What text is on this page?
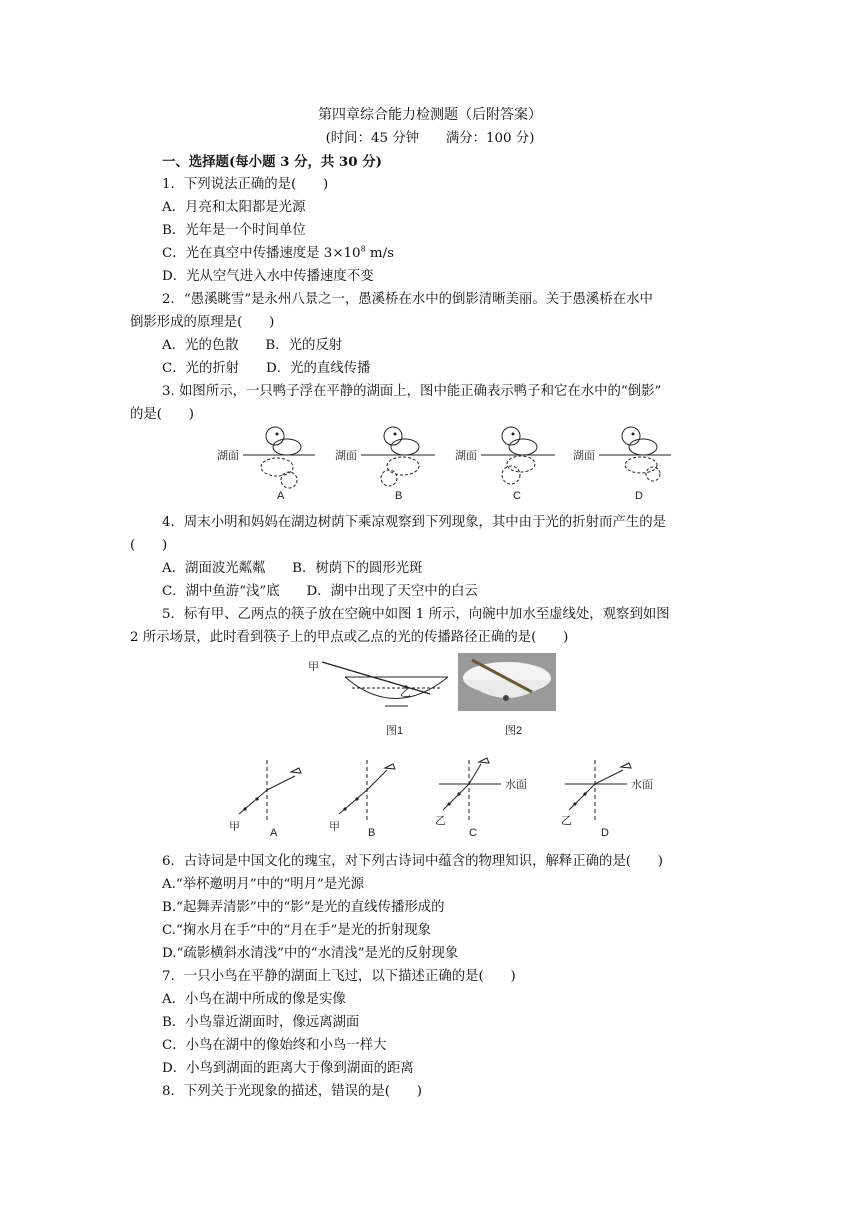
第四章综合能力检测题（后附答案）
(时间：45 分钟　　满分：100 分)
一、选择题(每小题 3 分，共 30 分)
1．下列说法正确的是(　　)
A．月亮和太阳都是光源
B．光年是一个时间单位
C．光在真空中传播速度是 $3\times 10^8$ m/s
D．光从空气进入水中传播速度不变
2．“愚溪眺雪”是永州八景之一，愚溪桥在水中的倒影清晰美丽。关于愚溪桥在水中
倒影形成的原理是(　　)
A．光的色散　　B．光的反射
C．光的折射　　D．光的直线传播
3. 如图所示，一只鸭子浮在平静的湖面上，图中能正确表示鸭子和它在水中的“倒影”
的是(　　)
湖面
A
湖面
B
湖面
C
湖面
D
4．周末小明和妈妈在湖边树荫下乘凉观察到下列现象，其中由于光的折射而产生的是
(　　)
A．湖面波光粼粼　　B．树荫下的圆形光斑
C．湖中鱼游“浅”底　　D．湖中出现了天空中的白云
5．标有甲、乙两点的筷子放在空碗中如图 1 所示，向碗中加水至虚线处，观察到如图
2 所示场景，此时看到筷子上的甲点或乙点的光的传播路径正确的是(　　)
甲
乙
图1	图2
甲	A	甲	B
水面
乙
C
水面
乙
D
6．古诗词是中国文化的瑰宝，对下列古诗词中蕴含的物理知识，解释正确的是(　　)
A.“举杯邀明月”中的“明月”是光源
B.“起舞弄清影”中的“影”是光的直线传播形成的
C.“掬水月在手”中的“月在手”是光的折射现象
D.“疏影横斜水清浅”中的“水清浅”是光的反射现象
7．一只小鸟在平静的湖面上飞过，以下描述正确的是(　　)
A．小鸟在湖中所成的像是实像
B．小鸟靠近湖面时，像远离湖面
C．小鸟在湖中的像始终和小鸟一样大
D．小鸟到湖面的距离大于像到湖面的距离
8．下列关于光现象的描述，错误的是(　　)
